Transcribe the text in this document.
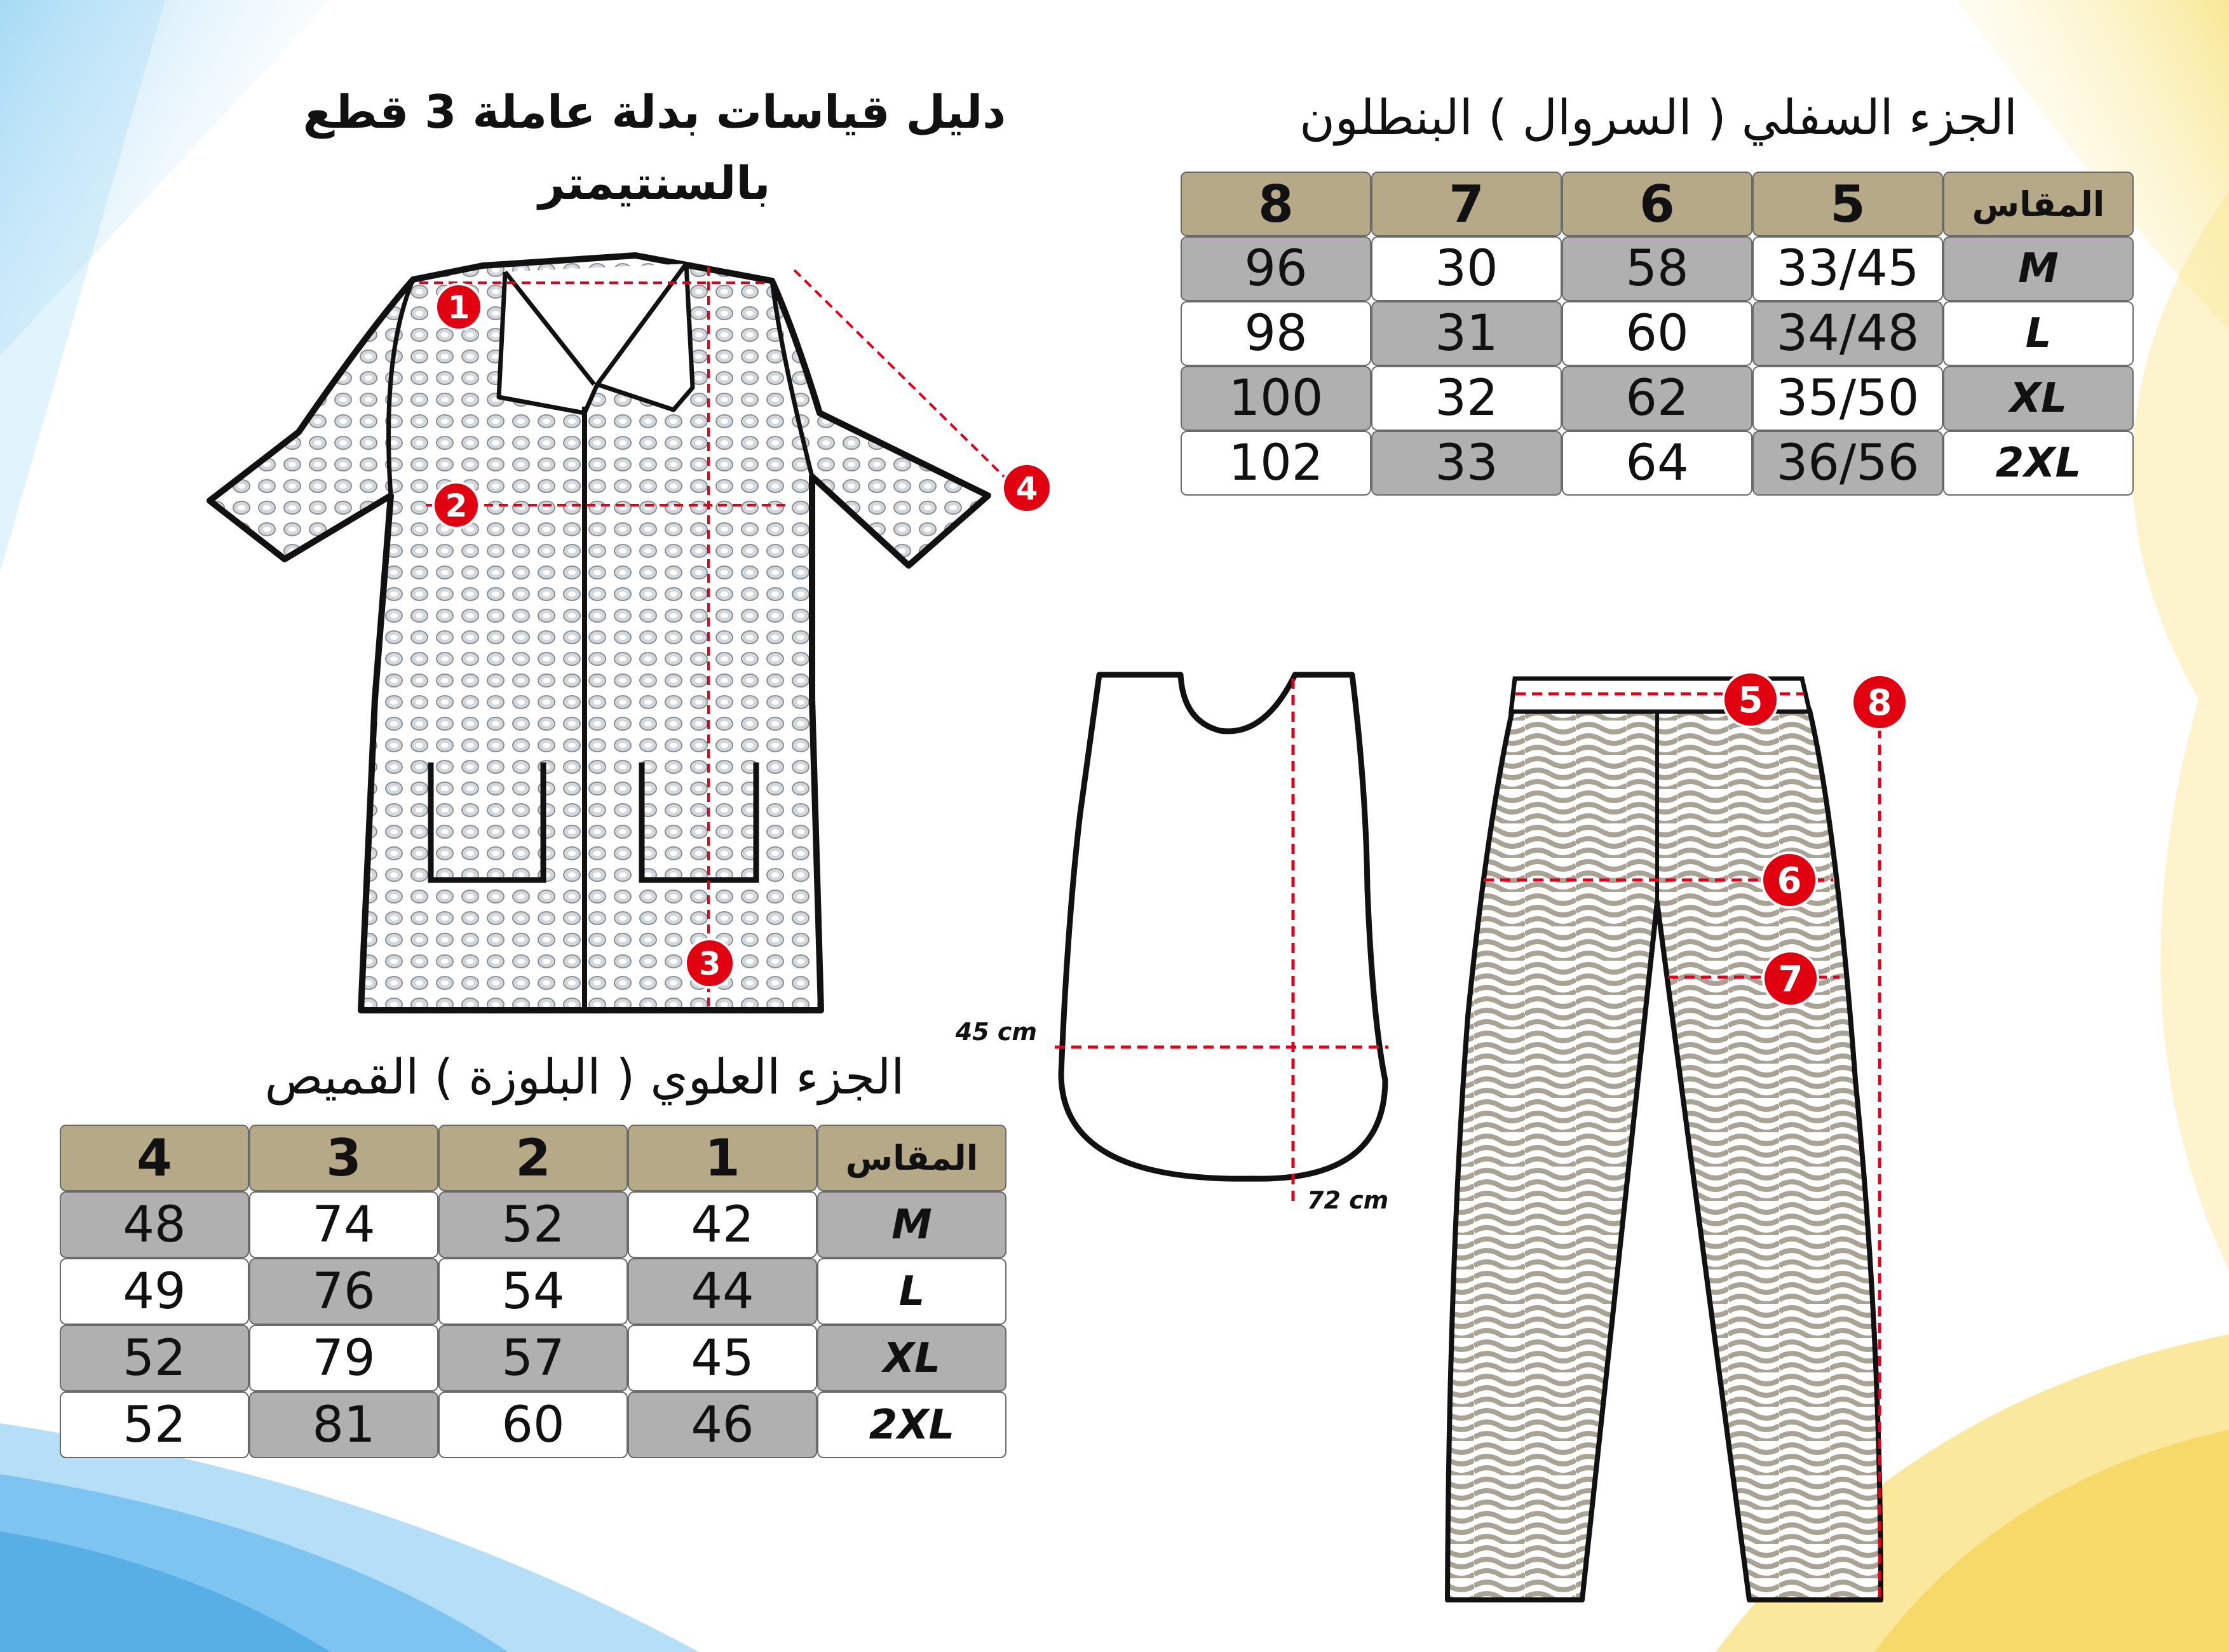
دليل قياسات بدلة عاملة 3 قطع
بالسنتيمتر
الجزء السفلي ( السروال ) البنطلون
8	7	6	5	المقاس
96	30	58	33/45	M
98	31	60	34/48	L
100	32	62	35/50	XL
102	33	64	36/56	2XL
الجزء العلوي ( البلوزة ) القميص
4	3	2	1	المقاس
48	74	52	42	M
49	76	54	44	L
52	79	57	45	XL
52	81	60	46	2XL
1
2
3
4
45 cm
72 cm
5
6
7
8
